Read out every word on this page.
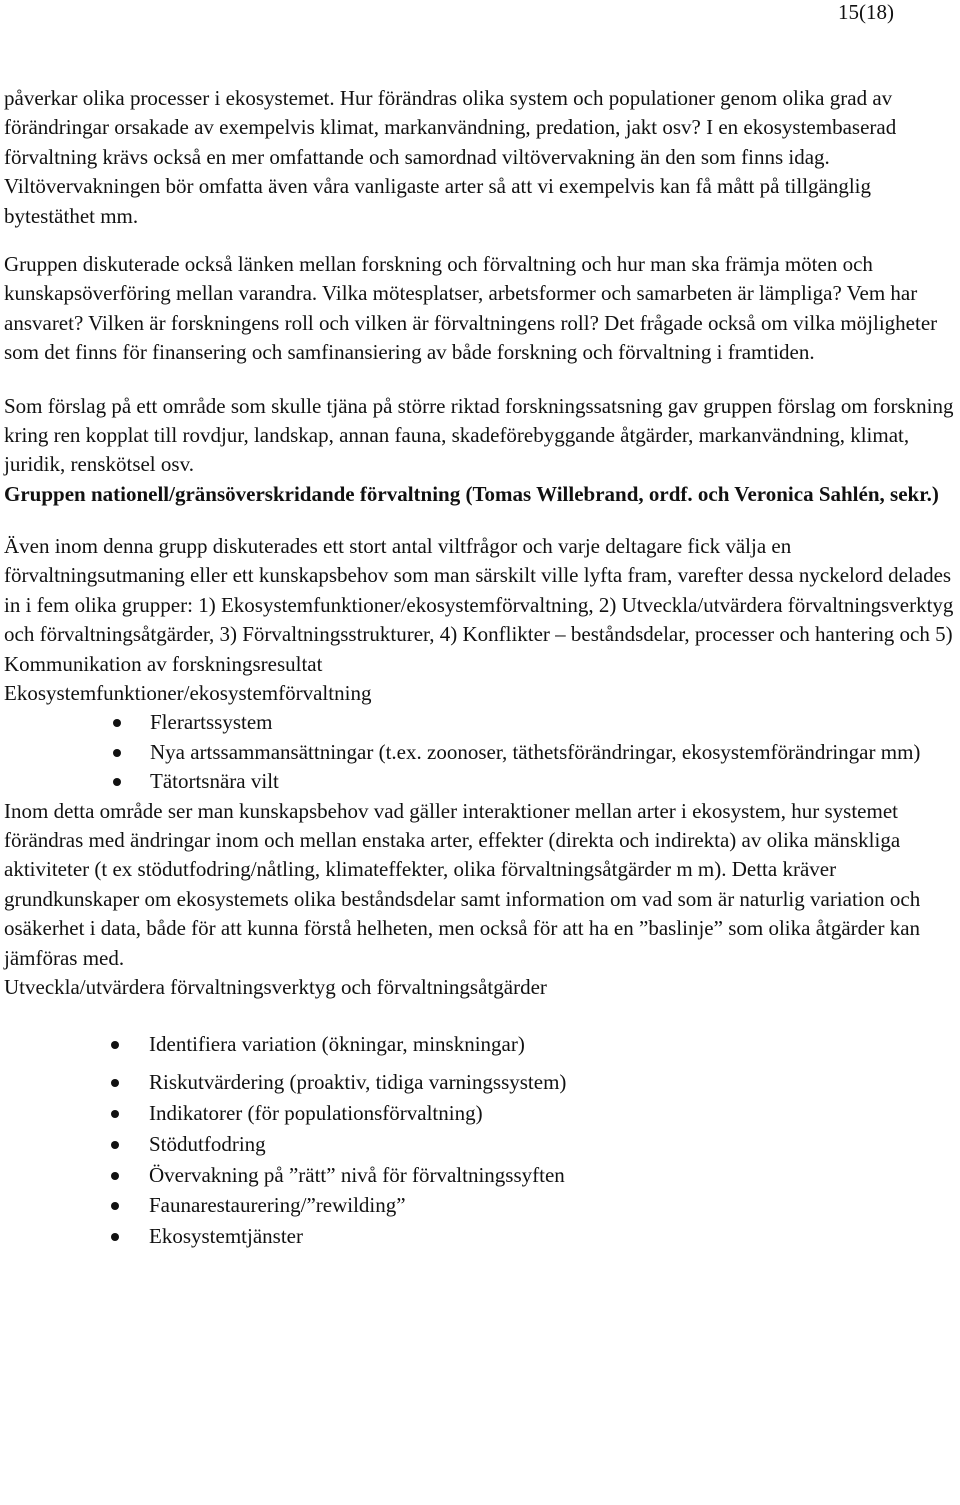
15(18)

påverkar olika processer i ekosystemet. Hur förändras olika system och populationer genom olika grad av förändringar orsakade av exempelvis klimat, markanvändning, predation, jakt osv? I en ekosystembaserad förvaltning krävs också en mer omfattande och samordnad viltövervakning än den som finns idag. Viltövervakningen bör omfatta även våra vanligaste arter så att vi exempelvis kan få mått på tillgänglig bytestäthet mm.

Gruppen diskuterade också länken mellan forskning och förvaltning och hur man ska främja möten och kunskapsöverföring mellan varandra. Vilka mötesplatser, arbetsformer och samarbeten är lämpliga? Vem har ansvaret? Vilken är forskningens roll och vilken är förvaltningens roll? Det frågade också om vilka möjligheter som det finns för finansering och samfinansiering av både forskning och förvaltning i framtiden.

Som förslag på ett område som skulle tjäna på större riktad forskningssatsning gav gruppen förslag om forskning kring ren kopplat till rovdjur, landskap, annan fauna, skadeförebyggande åtgärder, markanvändning, klimat, juridik, renskötsel osv.

Gruppen nationell/gränsöverskridande förvaltning (Tomas Willebrand, ordf. och Veronica Sahlén, sekr.)

Även inom denna grupp diskuterades ett stort antal viltfrågor och varje deltagare fick välja en förvaltningsutmaning eller ett kunskapsbehov som man särskilt ville lyfta fram, varefter dessa nyckelord delades in i fem olika grupper: 1) Ekosystemfunktioner/ekosystemförvaltning, 2) Utveckla/utvärdera förvaltningsverktyg och förvaltningsåtgärder, 3) Förvaltningsstrukturer, 4) Konflikter – beståndsdelar, processer och hantering och 5) Kommunikation av forskningsresultat

Ekosystemfunktioner/ekosystemförvaltning

Flerartssystem
Nya artssammansättningar (t.ex. zoonoser, täthetsförändringar, ekosystemförändringar mm)
Tätortsnära vilt

Inom detta område ser man kunskapsbehov vad gäller interaktioner mellan arter i ekosystem, hur systemet förändras med ändringar inom och mellan enstaka arter, effekter (direkta och indirekta) av olika mänskliga aktiviteter (t ex stödutfodring/nåtling, klimateffekter, olika förvaltningsåtgärder m m). Detta kräver grundkunskaper om ekosystemets olika beståndsdelar samt information om vad som är naturlig variation och osäkerhet i data, både för att kunna förstå helheten, men också för att ha en ”baslinje” som olika åtgärder kan jämföras med.

Utveckla/utvärdera förvaltningsverktyg och förvaltningsåtgärder

Identifiera variation (ökningar, minskningar)
Riskutvärdering (proaktiv, tidiga varningssystem)
Indikatorer (för populationsförvaltning)
Stödutfodring
Övervakning på ”rätt” nivå för förvaltningssyften
Faunarestaurering/”rewilding”
Ekosystemtjänster
